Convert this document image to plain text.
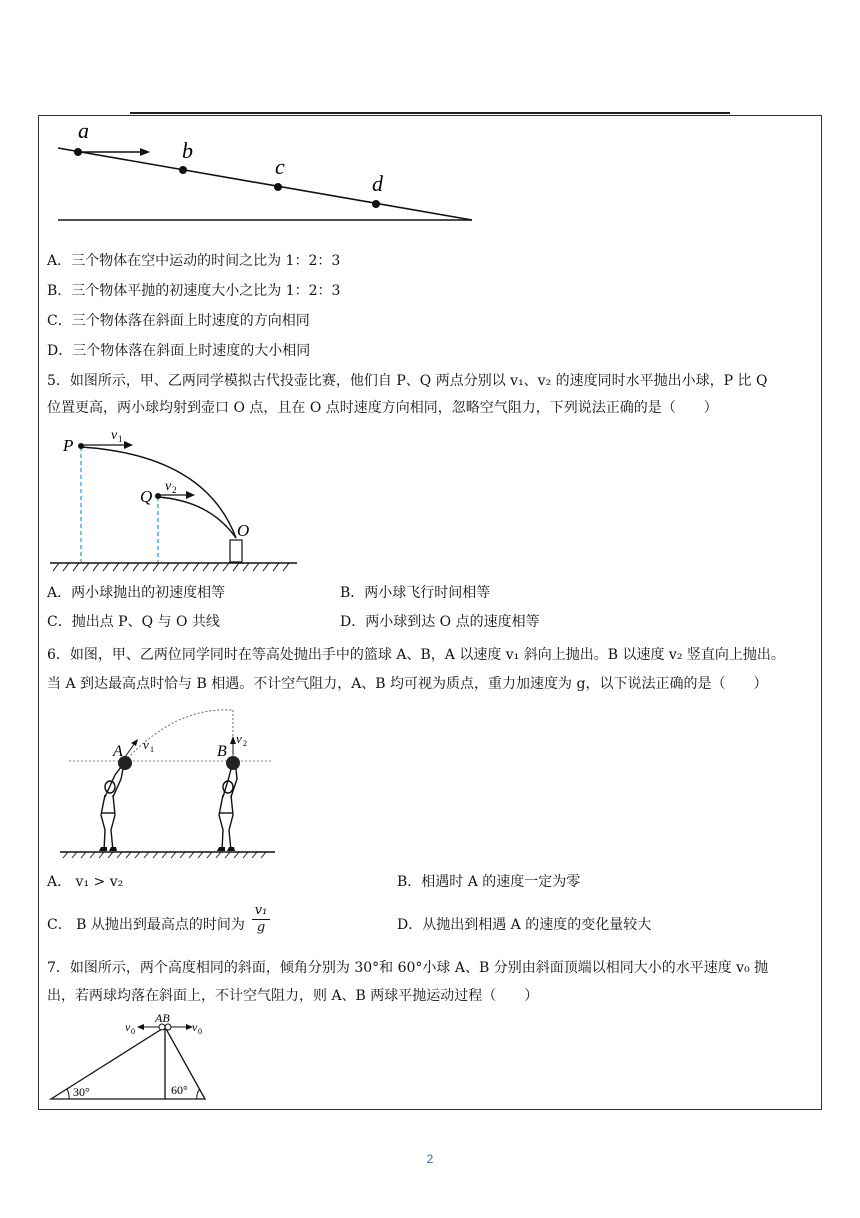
a
b
c
d
A．三个物体在空中运动的时间之比为 1：2：3
B．三个物体平抛的初速度大小之比为 1：2：3
C．三个物体落在斜面上时速度的方向相同
D．三个物体落在斜面上时速度的大小相同
5．如图所示，甲、乙两同学模拟古代投壶比赛，他们自 P、Q 两点分别以 v₁、v₂ 的速度同时水平抛出小球，P 比 Q
位置更高，两小球均射到壶口 O 点，且在 O 点时速度方向相同，忽略空气阻力，下列说法正确的是（　　）
P
Q
O
v 1
v 2
A．两小球抛出的初速度相等	B．两小球飞行时间相等
C．抛出点 P、Q 与 O 共线	D．两小球到达 O 点的速度相等
6．如图，甲、乙两位同学同时在等高处抛出手中的篮球 A、B，A 以速度 v₁ 斜向上抛出。B 以速度 v₂ 竖直向上抛出。
当 A 到达最高点时恰与 B 相遇。不计空气阻力，A、B 均可视为质点，重力加速度为 g，以下说法正确的是（　　）
A	B
v 1
v 2
A． v₁ > v₂	B．相遇时 A 的速度一定为零
C． B 从抛出到最高点的时间为
v₁
g	D．从抛出到相遇 A 的速度的变化量较大
7．如图所示，两个高度相同的斜面，倾角分别为 30°和 60°小球 A、B 分别由斜面顶端以相同大小的水平速度 v₀ 抛
出，若两球均落在斜面上，不计空气阻力，则 A、B 两球平抛运动过程（　　）
AB
v 0	v 0
30°	60°
2
